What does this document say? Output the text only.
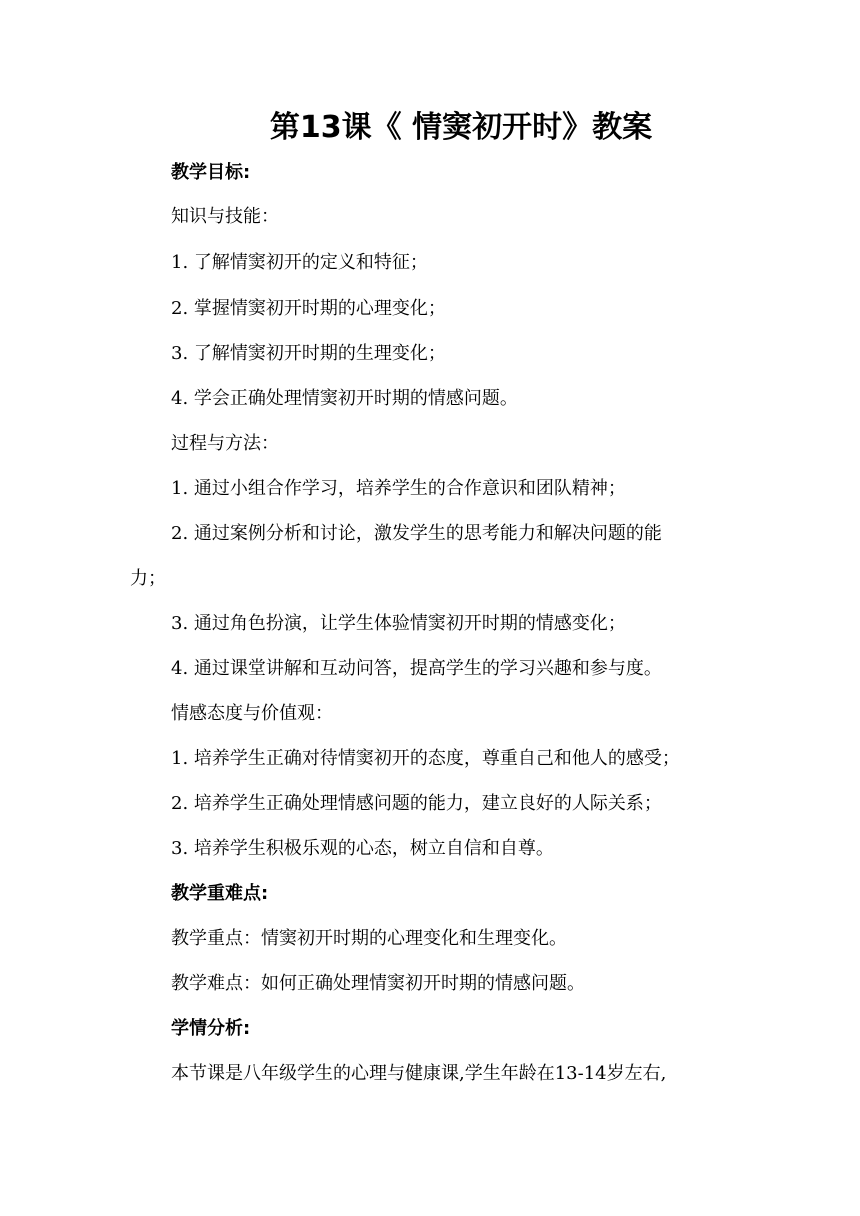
第13课《 情窦初开时》教案
教学目标:
知识与技能：
1. 了解情窦初开的定义和特征；
2. 掌握情窦初开时期的心理变化；
3. 了解情窦初开时期的生理变化；
4. 学会正确处理情窦初开时期的情感问题。
过程与方法：
1. 通过小组合作学习，培养学生的合作意识和团队精神；
2. 通过案例分析和讨论，激发学生的思考能力和解决问题的能
力；
3. 通过角色扮演，让学生体验情窦初开时期的情感变化；
4. 通过课堂讲解和互动问答，提高学生的学习兴趣和参与度。
情感态度与价值观：
1. 培养学生正确对待情窦初开的态度，尊重自己和他人的感受；
2. 培养学生正确处理情感问题的能力，建立良好的人际关系；
3. 培养学生积极乐观的心态，树立自信和自尊。
教学重难点:
教学重点：情窦初开时期的心理变化和生理变化。
教学难点：如何正确处理情窦初开时期的情感问题。
学情分析:
本节课是八年级学生的心理与健康课,学生年龄在13-14岁左右,
